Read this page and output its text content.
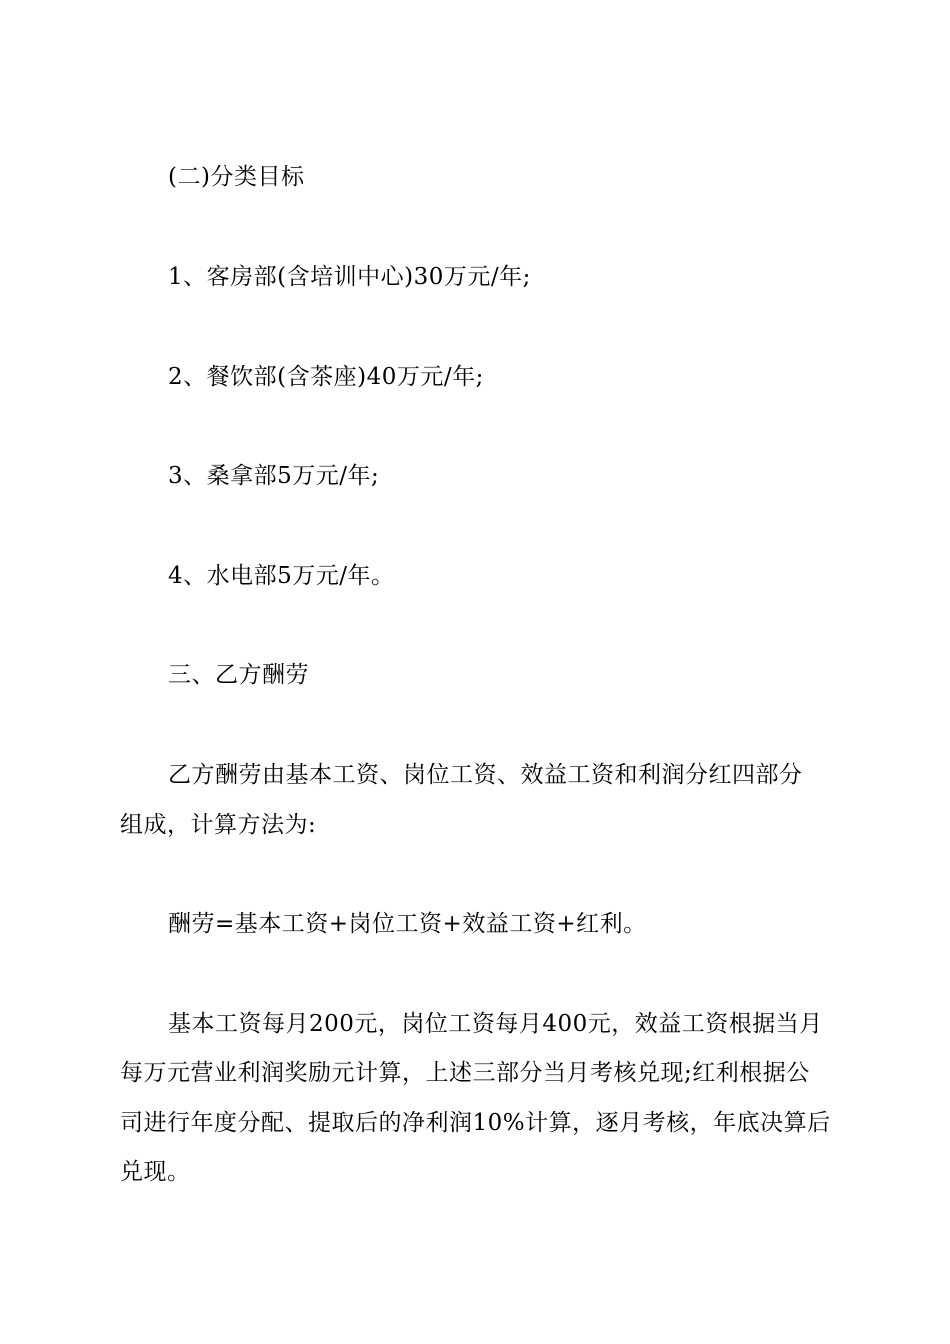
(二)分类目标
1、客房部(含培训中心)30万元/年;
2、餐饮部(含茶座)40万元/年;
3、桑拿部5万元/年;
4、水电部5万元/年。
三、乙方酬劳
乙方酬劳由基本工资、岗位工资、效益工资和利润分红四部分
组成，计算方法为:
酬劳=基本工资+岗位工资+效益工资+红利。
基本工资每月200元，岗位工资每月400元，效益工资根据当月
每万元营业利润奖励元计算，上述三部分当月考核兑现;红利根据公
司进行年度分配、提取后的净利润10%计算，逐月考核，年底决算后
兑现。
